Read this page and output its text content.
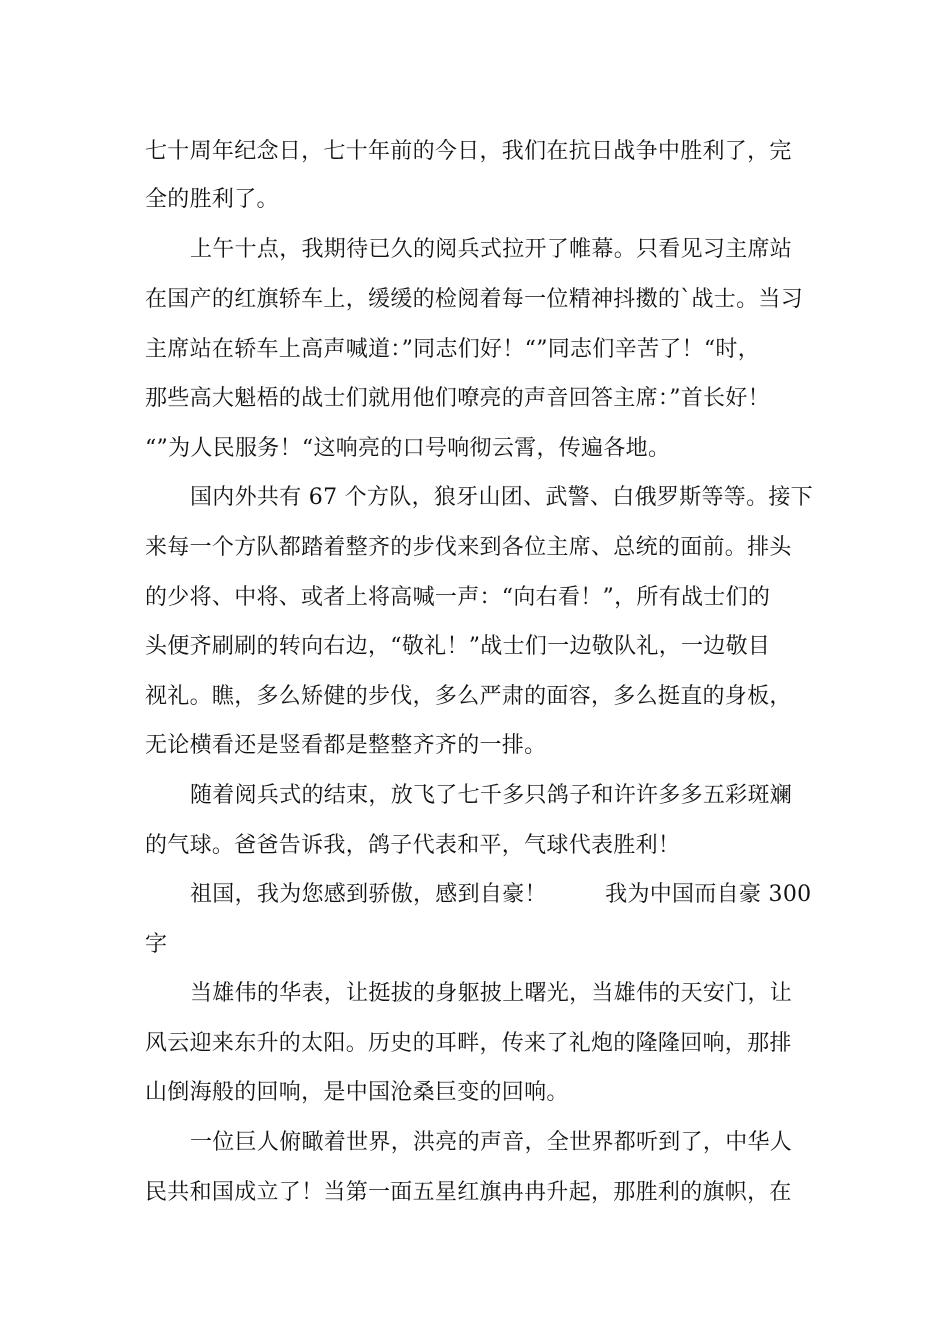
七十周年纪念日，七十年前的今日，我们在抗日战争中胜利了，完
全的胜利了。
上午十点，我期待已久的阅兵式拉开了帷幕。只看见习主席站
在国产的红旗轿车上，缓缓的检阅着每一位精神抖擞的`战士。当习
主席站在轿车上高声喊道：”同志们好！“”同志们辛苦了！“时，
那些高大魁梧的战士们就用他们嘹亮的声音回答主席：”首长好！
“”为人民服务！“这响亮的口号响彻云霄，传遍各地。
国内外共有 67 个方队，狼牙山团、武警、白俄罗斯等等。接下
来每一个方队都踏着整齐的步伐来到各位主席、总统的面前。排头
的少将、中将、或者上将高喊一声：“向右看！”，所有战士们的
头便齐刷刷的转向右边，“敬礼！”战士们一边敬队礼，一边敬目
视礼。瞧，多么矫健的步伐，多么严肃的面容，多么挺直的身板，
无论横看还是竖看都是整整齐齐的一排。
随着阅兵式的结束，放飞了七千多只鸽子和许许多多五彩斑斓
的气球。爸爸告诉我，鸽子代表和平，气球代表胜利！
祖国，我为您感到骄傲，感到自豪！        我为中国而自豪 300
字
当雄伟的华表，让挺拔的身躯披上曙光，当雄伟的天安门，让
风云迎来东升的太阳。历史的耳畔，传来了礼炮的隆隆回响，那排
山倒海般的回响，是中国沧桑巨变的回响。
一位巨人俯瞰着世界，洪亮的声音，全世界都听到了，中华人
民共和国成立了！当第一面五星红旗冉冉升起，那胜利的旗帜，在
